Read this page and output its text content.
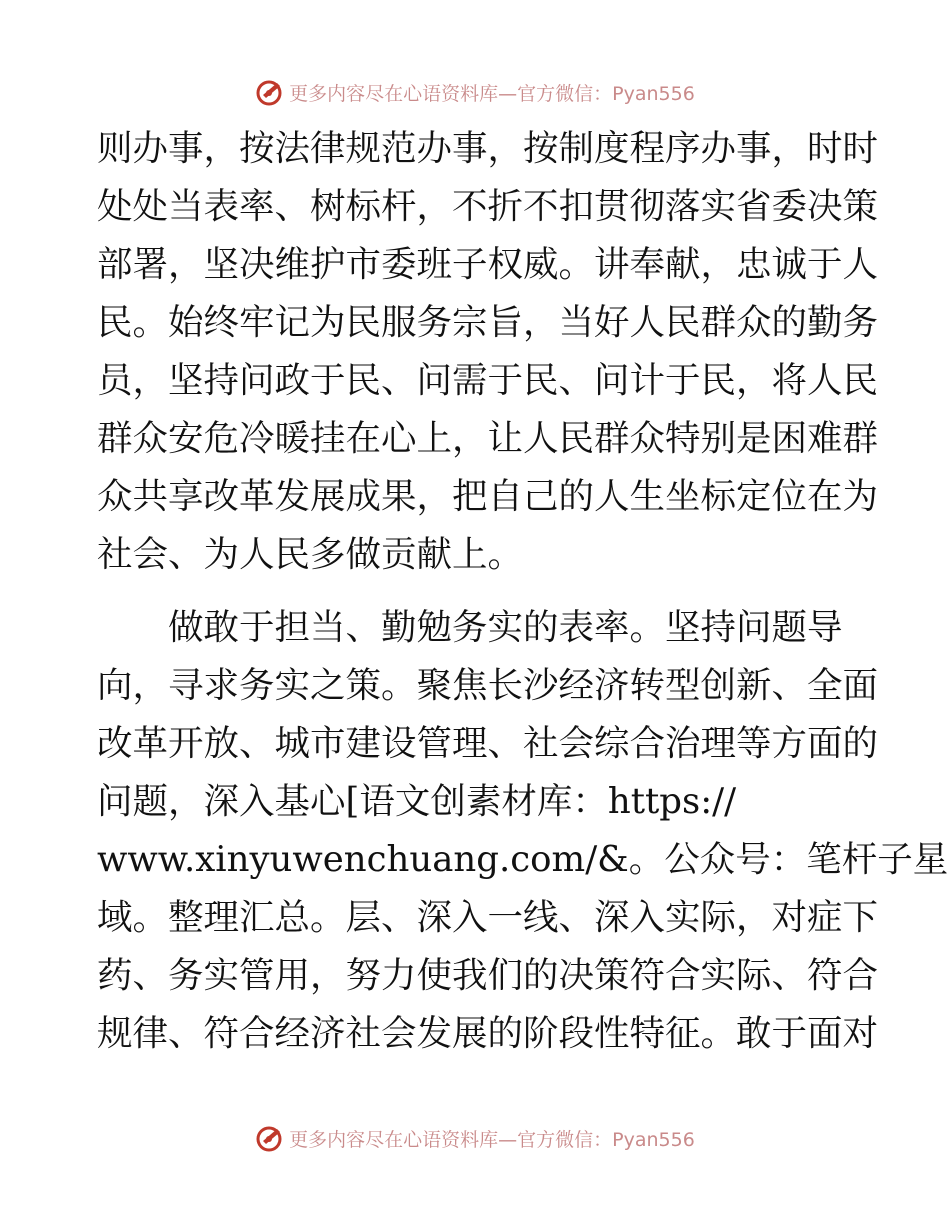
更多内容尽在心语资料库—官方微信：Pyan556
则办事，按法律规范办事，按制度程序办事，时时
处处当表率、树标杆，不折不扣贯彻落实省委决策
部署，坚决维护市委班子权威。讲奉献，忠诚于人
民。始终牢记为民服务宗旨，当好人民群众的勤务
员，坚持问政于民、问需于民、问计于民，将人民
群众安危冷暖挂在心上，让人民群众特别是困难群
众共享改革发展成果，把自己的人生坐标定位在为
社会、为人民多做贡献上。
　　做敢于担当、勤勉务实的表率。坚持问题导
向，寻求务实之策。聚焦长沙经济转型创新、全面
改革开放、城市建设管理、社会综合治理等方面的
问题，深入基心[语文创素材库：https://
www.xinyuwenchuang.com/&。公众号：笔杆子星
域。整理汇总。层、深入一线、深入实际，对症下
药、务实管用，努力使我们的决策符合实际、符合
规律、符合经济社会发展的阶段性特征。敢于面对
更多内容尽在心语资料库—官方微信：Pyan556
